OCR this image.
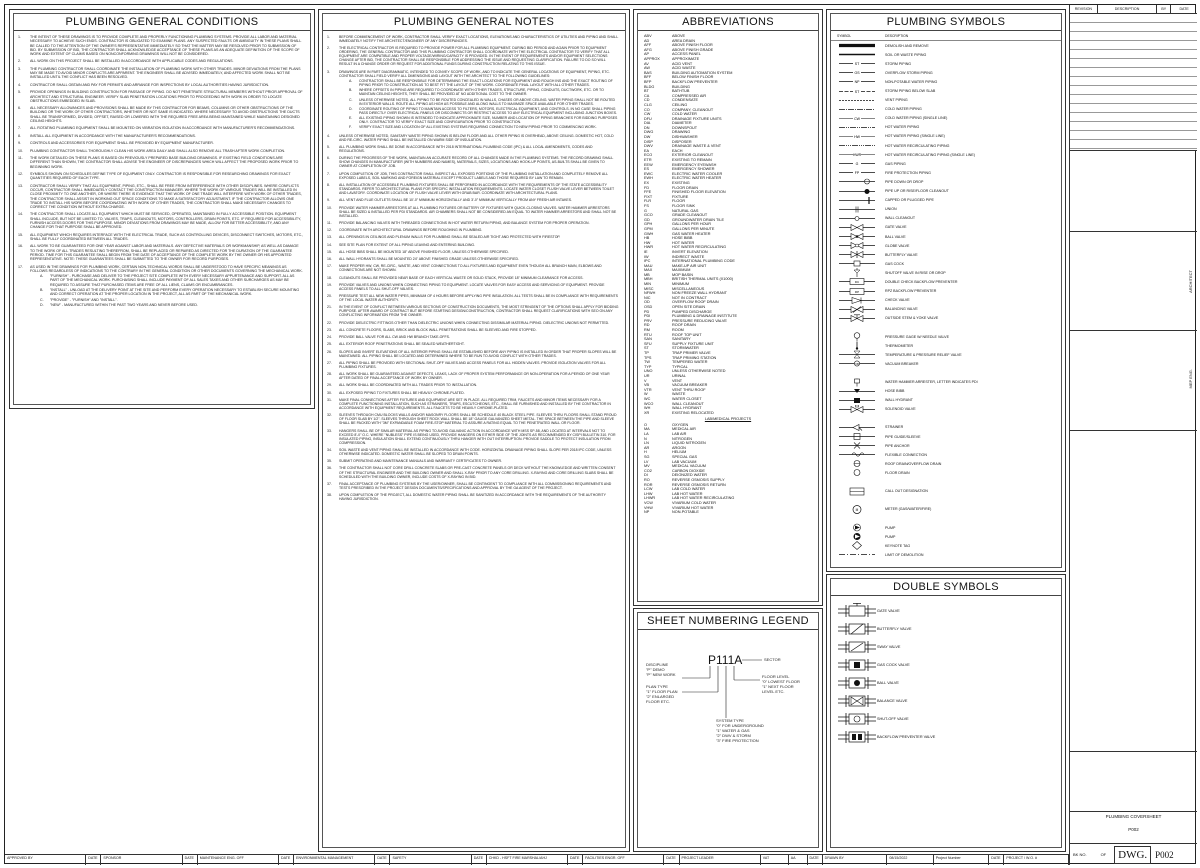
PLUMBING GENERAL CONDITIONS
1.	THE INTENT OF THESE DRAWINGS IS TO PROVIDE COMPLETE AND PROPERLY FUNCTIONING PLUMBING SYSTEMS. PROVIDE ALL LABOR AND MATERIAL NECESSARY TO ACHIEVE SUCH ENDS. CONTRACTOR IS OBLIGATED TO EXAMINE PLANS. ANY SUSPECTED FAULTS OR AMBIGUITY IN THESE PLANS SHALL BE CALLED TO THE ATTENTION OF THE OWNER'S REPRESENTATIVE IMMEDIATELY SO THAT THE MATTER MAY BE RESOLVED PRIOR TO SUBMISSION OF BID. BY SUBMISSION OF BID, THE CONTRACTOR SHALL ACKNOWLEDGE ACCEPTANCE OF THESE PLANS AS AN ADEQUATE DEFINITION OF THE SCOPE OF WORK AND EXTENT OF CLAIMS BASED ON NONCONFORMING DRAWINGS WILL NOT BE CONSIDERED.
2.	ALL WORK ON THIS PROJECT SHALL BE INSTALLED IN ACCORDANCE WITH APPLICABLE CODES AND REGULATIONS.
3.	THE PLUMBING CONTRACTOR SHALL COORDINATE THE INSTALLATION OF PLUMBING WORK WITH OTHER TRADES. MINOR DEVIATIONS FROM THE PLANS MAY BE MADE TO AVOID MINOR CONFLICTS ARE APPARENT. THE ENGINEER SHALL BE ADVISED IMMEDIATELY, AND AFFECTED WORK SHALL NOT BE INSTALLED UNTIL THE CONFLICT HAS BEEN RESOLVED.
4.	CONTRACTOR SHALL OBTAIN AND PAY FOR PERMITS AND ARRANGE FOR INSPECTIONS BY LOCAL AUTHORITIES HAVING JURISDICTION.
5.	PROVIDE OPENINGS IN BUILDING CONSTRUCTION FOR PASSAGE OF PIPING. DO NOT PENETRATE STRUCTURAL MEMBERS WITHOUT PRIOR APPROVAL OF ARCHITECT AND STRUCTURAL ENGINEER. VERIFY SLAB PENETRATION LOCATIONS PRIOR TO PROCEEDING WITH WORK IN ORDER TO LOCATE OBSTRUCTIONS EMBEDDED IN SLAB.
6.	ALL NECESSARY ALLOWANCES AND PROVISIONS SHALL BE MADE BY THIS CONTRACTOR FOR BEAMS, COLUMNS OR OTHER OBSTRUCTIONS OF THE BUILDING OR THE WORK OF OTHER CONTRACTORS, WHETHER OR NOT SAME IS INDICATED. WHERE NECESSARY TO AVOID OBSTRUCTIONS THE DUCTS SHALL BE TRANSFORMED, DIVIDED, OFFSET, RAISED OR LOWERED WITH THE REQUIRED FREE AREA BEING MAINTAINED WHILE MAINTAINING DESIGNED CEILING HEIGHTS.
7.	ALL ROTATING PLUMBING EQUIPMENT SHALL BE MOUNTED ON VIBRATION ISOLATION IN ACCORDANCE WITH MANUFACTURER'S RECOMMENDATIONS.
8.	INSTALL ALL EQUIPMENT IN ACCORDANCE WITH THE MANUFACTURER'S RECOMMENDATIONS.
9.	CONTROLS AND ACCESSORIES FOR EQUIPMENT SHALL BE PROVIDED BY EQUIPMENT MANUFACTURER.
10.	PLUMBING CONTRACTOR SHALL THOROUGHLY CLEAN HIS WORK AREA DAILY AND SHALL ALSO REMOVE ALL TRASH AFTER WORK COMPLETION.
11.	THE WORK DETAILED ON THESE PLANS IS BASED ON PREVIOUSLY PREPARED BASE BUILDING DRAWINGS. IF EXISTING FIELD CONDITIONS ARE DIFFERENT THAN SHOWN, THE CONTRACTOR SHALL ADVISE THE ENGINEER OF DISCREPANCIES WHICH WILL AFFECT THE PROPOSED WORK PRIOR TO BEGINNING WORK.
12.	SYMBOLS SHOWN ON SCHEDULES DEFINE TYPE OF EQUIPMENT ONLY. CONTRACTOR IS RESPONSIBLE FOR RESEARCHING DRAWINGS FOR EXACT QUANTITIES REQUIRED OF EACH TYPE.
13.	CONTRACTOR SHALL VERIFY THAT ALL EQUIPMENT, PIPING, ETC., SHALL BE FREE FROM INTERFERENCE WITH OTHER DISCIPLINES. WHERE CONFLICTS OCCUR, CONTRACTOR SHALL IMMEDIATELY CONTACT THE CONSTRUCTION MANAGER. WHERE THE WORK OF VARIOUS TRADES WILL BE INSTALLED IN CLOSE PROXIMITY TO ONE ANOTHER, OR WHERE THERE IS EVIDENCE THAT THE WORK OF ONE TRADE WILL INTERFERE WITH WORK OF OTHER TRADES, THE CONTRACTOR SHALL ASSIST IN WORKING OUT SPACE CONDITIONS TO MAKE A SATISFACTORY ADJUSTMENT. IF THE CONTRACTOR ALLOWS ONE TRADE TO INSTALL HIS WORK BEFORE COORDINATING WITH WORK OF OTHER TRADES, THE CONTRACTOR SHALL MAKE NECESSARY CHANGES TO CORRECT THE CONDITION WITHOUT EXTRA CHARGE.
14.	THE CONTRACTOR SHALL LOCATE ALL EQUIPMENT WHICH MUST BE SERVICED, OPERATED, MAINTAINED IN FULLY ACCESSIBLE POSITION. EQUIPMENT SHALL INCLUDE, BUT NOT BE LIMITED TO, VALVES, TRAPS, CLEANOUTS, MOTORS, CONTROLLERS, DRAIN POINTS, ETC. IF REQUIRED FOR ACCESSIBILITY, FURNISH ACCESS DOORS FOR THIS PURPOSE. MINOR DEVIATIONS FROM DRAWINGS MAY BE MADE, ALLOW FOR BETTER ACCESSIBILITY, AND ANY CHANGE FOR THAT PURPOSE SHALL BE APPROVED.
15.	ALL EQUIPMENT WHICH REQUIRES INTERFACE WITH THE ELECTRICAL TRADE, SUCH AS CONTROLLING DEVICES, DISCONNECT SWITCHES, MOTORS, ETC., SHALL BE FULLY COORDINATED BETWEEN ALL TRADES.
16.	ALL WORK TO BE GUARANTEED FOR ONE YEAR AGAINST LABOR AND MATERIALS. ANY DEFECTIVE MATERIALS OR WORKMANSHIP, AS WELL AS DAMAGE TO THE WORK OF ALL TRADES RESULTING THEREFROM, SHALL BE REPLACED OR REPAIRED AS DIRECTED FOR THE DURATION OF THE GUARANTEE PERIOD. TIME FOR THIS GUARANTEE SHALL BEGIN FROM THE DATE OF ACCEPTANCE OF THE COMPLETE WORK BY THE OWNER OR HIS APPOINTED REPRESENTATIVE. NOTE: THESE GUARANTEES SHALL BE SUBMITTED TO THE OWNER FOR RECORD PURPOSES.
17.	AS USED IN THE DRAWINGS FOR PLUMBING WORK, CERTAIN NON-TECHNICAL WORDS SHALL BE UNDERSTOOD TO HAVE SPECIFIC MEANINGS AS FOLLOWS REGARDLESS OF INDICATIONS TO THE CONTRARY IN THE GENERAL CONDITION OR OTHER DOCUMENTS GOVERNING THE MECHANICAL WORK.
A.	"FURNISH" - PURCHASE AND DELIVER TO THE PROJECT SITE COMPLETE WITH EVERY NECESSARY APPURTENANCE AND SUPPORT. ALL AS PART OF THE MECHANICAL WORK. PURCHASING SHALL INCLUDE PAYMENT OF ALL SALES TAXES AND OTHER SURCHARGES AS MAY BE REQUIRED TO ASSURE THAT PURCHASED ITEMS ARE FREE OF ALL LIENS, CLAIMS OR ENCUMBRANCES.
B.	"INSTALL" - UNLOAD AT THE DELIVERY POINT AT THE SITE AND PERFORM EVERY OPERATION NECESSARY TO ESTABLISH SECURE MOUNTING AND CORRECT OPERATION AT THE PROPER LOCATION IN THE PROJECT, ALL AS PART OF THE MECHANICAL WORK.
C.	"PROVIDE" - "FURNISH" AND "INSTALL".
D.	"NEW" - MANUFACTURED WITHIN THE PAST TWO YEARS AND NEVER BEFORE USED.
PLUMBING GENERAL NOTES
1.	BEFORE COMMENCEMENT OF WORK, CONTRACTOR SHALL VERIFY EXACT LOCATIONS, ELEVATIONS AND CHARACTERISTICS OF UTILITIES AND PIPING AND SHALL IMMEDIATELY NOTIFY THE ARCHITECT/ENGINEER OF ANY DISCREPANCIES.
2.	THE ELECTRICAL CONTRACTOR IS REQUIRED TO PROVIDE POWER FOR ALL PLUMBING EQUIPMENT. DURING BID PERIOD AND AGAIN PRIOR TO EQUIPMENT ORDERING, THE GENERAL CONTRACTOR AND THIS PLUMBING CONTRACTOR SHALL COORDINATE WITH THE ELECTRICAL CONTRACTOR TO VERIFY THAT ALL EQUIPMENT ARE COMPATIBLE AND PROPER VOLTAGE/WIRING/CAPACITY IS PROVIDED. IN THE EVENT OF REQUIREMENTS AND/OR EQUIPMENT SELECTIONS CHANGE AFTER BID, THE CONTRACTOR SHALL BE RESPONSIBLE FOR ADDRESSING THE ISSUE AND REQUESTING CLARIFICATION. FAILURE TO DO SO WILL RESULT IN A CHANGE ORDER OR REQUEST FOR ADDITIONAL FUNDS DURING CONSTRUCTION RELATING TO THIS ISSUE.
3.	DRAWINGS ARE IN PART DIAGRAMMATIC, INTENDED TO CONVEY SCOPE OF WORK, AND TO INDICATE THE GENERAL LOCATIONS OF EQUIPMENT, PIPING, ETC. CONTRACTOR SHALL FIELD VERIFY ALL DIMENSIONS AND LAYOUT WITH THE ARCHITECT TO THE FOLLOWING GUIDELINES:
A.	CONTRACTOR SHALL BE RESPONSIBLE FOR DETERMINING THE EXACT LOCATIONS FOR EQUIPMENT AND ROUGH INS AND THE EXACT ROUTING OF PIPING PRIOR TO CONSTRUCTION AS TO BEST FIT THE LAYOUT OF THE WORK. COORDINATE FINAL LAYOUT WITH ALL OTHER TRADES.
B.	WHERE OFFSETS IN PIPING ARE REQUIRED TO COORDINATE WITH OTHER TRADES, STRUCTURE, PIPING, CONDUITS, DUCTWORK, ETC. OR TO MAINTAIN CEILING HEIGHTS, THEY SHALL BE PROVIDED AT NO ADDITIONAL COST TO THE OWNER.
C.	UNLESS OTHERWISE NOTED, ALL PIPING TO BE ROUTED CONCEALED IN WALLS, CHASES OR ABOVE CEILING. WATER PIPING SHALL NOT BE ROUTED IN EXTERIOR WALLS. ROUTE ALL PIPING AS HIGH AS POSSIBLE AND ALONG WALLS TO MAXIMIZE SPACE AVAILABLE FOR OTHER TRADES.
D.	COORDINATE ROUTING OF PIPING TO MAINTAIN ACCESS TO FILTERS, MOTORS, ELECTRICAL EQUIPMENT, AND CONTROLS. IN NO CASE SHALL PIPING PASS DIRECTLY OVER ELECTRICAL PANELS OR DISCONNECTS OR RESTRICT ACCESS TO ANY ELECTRICAL EQUIPMENT INCLUDING JUNCTION BOXES.
E.	ALL EXISTING PIPING SHOWN IS INTENDED TO INDICATE APPROXIMATE SIZE, NUMBER AND LOCATION OF PIPING BRANCHES FOR BIDDING PURPOSES ONLY. CONTRACTOR TO VERIFY EXACT SIZE AND CONFIGURATION PRIOR TO CONSTRUCTION.
F.	VERIFY EXACT SIZE AND LOCATION OF ALL EXISTING SYSTEMS REQUIRING CONNECTION TO NEW PIPING PRIOR TO COMMENCING WORK.
4.	UNLESS OTHERWISE NOTED, SANITARY WASTE PIPING SHOWN IS BELOW FLOOR AND ALL OTHER PIPING IS OVERHEAD, ABOVE CEILING. DOMESTIC HOT, COLD AND RE-CIRC. WATER PIPING SHALL BE INSTALLED ON WARM SIDE OF INSULATION.
5.	ALL PLUMBING WORK SHALL BE DONE IN ACCORDANCE WITH 2018 INTERNATIONAL PLUMBING CODE (IPC) & ALL LOCAL AMENDMENTS, CODES AND REGULATIONS.
6.	DURING THE PROGRESS OF THE WORK, MAINTAIN AN ACCURATE RECORD OF ALL CHANGES MADE IN THE PLUMBING SYSTEMS. THE RECORD DRAWING SHALL SHOW CHANGES IN MANUFACTURER (WITH NUMBERS AND NAMES), MATERIALS, SIZES, LOCATIONS AND HOOK-UP POINTS, AS-BUILTS SHALL BE GIVEN TO OWNER AT COMPLETION OF JOB.
7.	UPON COMPLETION OF JOB, THIS CONTRACTOR SHALL INSPECT ALL EXPOSED PORTIONS OF THE PLUMBING INSTALLATION AND COMPLETELY REMOVE ALL EXPOSED LABELS, SOIL MARKING AND FOREIGN MATERIAL EXCEPT PRODUCT LABELS AND THOSE REQUIRED BY LAW TO REMAIN.
8.	ALL INSTALLATION OF ACCESSIBLE PLUMBING FIXTURES SHALL BE PERFORMED IN ACCORDANCE WITH THE REQUIREMENTS OF THE STATE ACCESSIBILITY STANDARDS. REFER TO ARCHITECTURAL PLANS FOR SPECIFIC INSTALLATION REQUIREMENTS. LOCATE WATER CLOSET FLUSH VALVE LEVER BETWEEN TOILET AND LAVATORY. COORDINATE LOCATION OF FLUSH VALVE LEVER WITH GRAB BAR. COORDINATE WITH ARCHITECTURAL PLANS.
9.	ALL VENT AND FLUE OUTLETS SHALL BE 10'-0" MINIMUM HORIZONTALLY AND 3'-0" MINIMUM VERTICALLY FROM ANY FRESH AIR INTAKES.
10.	PROVIDE WATER HAMMER ARRESTORS AT ALL PLUMBING FIXTURES OR BATTERY OF FIXTURES WITH QUICK-CLOSING VALVES. WATER HAMMER ARRESTORS SHALL BE SIZED & INSTALLED PER PDI STANDARDS. AIR CHAMBERS SHALL NOT BE CONSIDERED AN EQUAL TO WATER HAMMER ARRESTORS AND SHALL NOT BE INSTALLED.
11.	PROVIDE BALANCING VALVES WITH THREADED CONNECTIONS IN HOT WATER RETURN PIPING, AND BALANCE SYSTEM FOR PROPER OPERATION.
12.	COORDINATE WITH ARCHITECTURAL DRAWINGS BEFORE ROUGHING IN PLUMBING.
13.	ALL OPENINGS IN CEILINGS AND PLENUM WALLS FOR PLUMBING SHALL BE SEALED AIR TIGHT AND PROTECTED WITH FIRESTOP.
14.	SEE SITE PLAN FOR EXTENT OF ALL PIPING LEAVING AND ENTERING BUILDING.
15.	ALL HOSE BIBS SHALL BE MOUNTED 18" ABOVE FINISHED FLOOR, UNLESS OTHERWISE SPECIFIED.
16.	ALL WALL HYDRANTS SHALL BE MOUNTED 24" ABOVE FINISHED GRADE UNLESS OTHERWISE SPECIFIED.
17.	MAKE PROPER HW, CW, RE-CIRC., WASTE, AND VENT CONNECTIONS TO ALL FIXTURES AND EQUIPMENT EVEN THOUGH ALL BRANCH MAIN, ELBOWS AND CONNECTIONS ARE NOT SHOWN.
18.	CLEANOUTS SHALL BE PROVIDED NEAR BASE OF EACH VERTICAL WASTE OR SOLID STACK, PROVIDE 18" MINIMUM CLEARANCE FOR ACCESS.
19.	PROVIDE VALVES AND UNIONS WHEN CONNECTING PIPING TO EQUIPMENT. LOCATE VALVES FOR EASY ACCESS AND SERVICING OF EQUIPMENT. PROVIDE ACCESS PANELS TO ALL SHUT-OFF VALVES.
20.	PRESSURE TEST ALL NEW WATER PIPES, MINIMUM OF 4 HOURS BEFORE APPLYING PIPE INSULATION. ALL TESTS SHALL BE IN COMPLIANCE WITH REQUIREMENTS OF THE LOCAL WATER AUTHORITY.
21.	IN THE EVENT OF CONFLICT BETWEEN VARIOUS SECTIONS OF CONSTRUCTION DOCUMENTS, THE MOST STRINGENT OF THE OPTIONS SHALL APPLY FOR BIDDING PURPOSE. AFTER AWARD OF CONTRACT BUT BEFORE STARTING DESIGN/CONSTRUCTION, CONTRACTOR SHALL REQUEST CLARIFICATIONS WITH SEO ON ANY CONFLICTING INFORMATION FROM THE OWNER.
22.	PROVIDE DIELECTRIC FITTINGS OTHER THAN DIELECTRIC UNIONS WHEN CONNECTING DISSIMILAR MATERIAL PIPING. DIELECTRIC UNIONS NOT PERMITTED.
23.	ALL CONCRETE FLOORS, SLABS, BRICK AND BLOCK WALL PENETRATIONS SHALL BE SLEEVED AND FIRE STOPPED.
24.	PROVIDE BALL VALVE FOR ALL CW AND HW BRANCH TAKE-OFFS.
25.	ALL EXTERIOR ROOF PENETRATIONS SHALL BE SEALED WEATHERTIGHT.
26.	SLOPES AND INVERT ELEVATIONS OF ALL INTERIOR PIPING SHALL BE ESTABLISHED BEFORE ANY PIPING IS INSTALLED IN ORDER THAT PROPER SLOPES WILL BE MAINTAINED. ALL PIPING SHALL BE LOCATED AND DETERMINED WHERE TO BE RUN TO AVOID CONFLICT WITH OTHER TRADES.
27.	ALL PIPING SHALL BE PROVIDED WITH SECTIONAL SHUT-OFF VALVES AND ACCESS PANELS FOR ALL HIDDEN VALVES. PROVIDE ISOLATION VALVES FOR ALL PLUMBING FIXTURES.
28.	ALL WORK SHALL BE GUARANTEED AGAINST DEFECTS, LEAKS, LACK OF PROPER SYSTEM PERFORMANCE OR NON-OPERATION FOR A PERIOD OF ONE YEAR AFTER DATED OF FINAL ACCEPTANCE OF WORK BY OWNER.
29.	ALL WORK SHALL BE COORDINATED WITH ALL TRADES PRIOR TO INSTALLATION.
30.	ALL EXPOSED PIPING TO FIXTURES SHALL BE HEAVILY CHROME-PLATED.
31.	MAKE FINAL CONNECTIONS AFTER FIXTURES AND EQUIPMENT ARE SET IN PLACE. ALL REQUIRED TRIM, FAUCETS AND MINOR ITEMS NECESSARY FOR A COMPLETE FUNCTIONING INSTALLATION, SUCH AS STRAINERS, TRAPS, ESCUTCHEONS, ETC., SHALL BE FURNISHED AND INSTALLED BY THE CONTRACTOR IN ACCORDANCE WITH EQUIPMENT REQUIREMENTS. ALL FAUCETS TO BE HEAVILY CHROME-PLATED.
32.	SLEEVES THROUGH CMU BLOCKS WALLS AND/OR MASONRY FLOORS SHALL BE SCHEDULE 40 BLACK STEEL PIPE. SLEEVES THRU FLOORS SHALL STAND PROUD OF FLOOR SLAB BY 1/2". SLEEVES THROUGH SHEET ROCK WALL SHALL BE 18" GAUGE GALVANIZED SHEET METAL. THE SPACE BETWEEN THE PIPE AND SLEEVE SHALL BE PACKED WITH "3M" EXPANDABLE FOAM FIRE-STOP MATERIAL TO ASSURE A RATING EQUAL TO THE PENETRATED WALL OR FLOOR.
33.	HANGERS SHALL BE OF SIMILAR MATERIAL AS PIPING TO AVOID GALVANIC ACTION IN ACCORDANCE WITH MSS SP-58, AND LOCATED AT INTERVALS NOT TO EXCEED 8'-0" O.C. WHERE "NUBLESS" PIPE IS BEING USED, PROVIDE HANGERS ON EITHER SIDE OF THE JOINTS AS RECOMMENDED BY CISPI BULLETIN 310. FOR INSULATED PIPING, INSULATION SHALL EXTEND CONTINUOUSLY THRU HANGER WITH OUT INTERRUPTION. PROVIDE SADDLE TO PROTECT INSULATION FROM COMPRESSION.
34.	SOIL WASTE AND VENT PIPING SHALL BE INSTALLED IN ACCORDANCE WITH CODE. HORIZONTAL DRAINAGE PIPING SHALL SLOPE PER 2018 IPC CODE, UNLESS OTHERWISE INDICATED. DOMESTIC WATER SHALL BE SLOPED TO DRAIN POINTS.
35.	SUBMIT OPERATING AND MAINTENANCE MANUALS AND WARRANTY CERTIFICATES TO OWNER.
36.	THE CONTRACTOR SHALL NOT CORE DRILL CONCRETE SLABS OR PRE-CAST CONCRETE PANELS OR DECK WITHOUT THE KNOWLEDGE AND WRITTEN CONSENT OF THE STRUCTURAL ENGINEER AND THE BUILDING OWNER AND SHALL X-RAY PRIOR TO ANY CORE DRILLING. X-RAYING AND CORE DRILLING SLABS SHALL BE SCHEDULED WITH THE BUILDING OWNER, INCLUDE COSTS OF X-RAYING IN BID.
37.	FINAL ACCEPTANCE OF PLUMBING SYSTEMS BY THE USER/OWNER, SHALL BE CONTINGENT TO COMPLIANCE WITH ALL COMMISSIONING REQUIREMENTS AND TESTS PRESCRIBED IN THE PROJECT DESIGN DOCUMENTS/SPECIFICATIONS AND APPROVAL BY THE GA AGENT OF THE PROJECT.
38.	UPON COMPLETION OF THE PROJECT, ALL DOMESTIC WATER PIPING SHALL BE SANITIZED IN ACCORDANCE WITH THE REQUIREMENTS OF THE AUTHORITY HAVING JURISDICTION.
ABBREVIATIONS
ABV	ABOVE
AD	AREA DRAIN
AFF	ABOVE FINISH FLOOR
AFG	ABOVE FINISH GRADE
AP	ACCESS PANEL
APPROX	APPROXIMATE
AV	ACID VENT
AW	ACID WASTE
BAS	BUILDING AUTOMATION SYSTEM
BFF	BELOW FINISH FLOOR
BFP	BACKFLOW PREVENTER
BLDG	BUILDING
BT	BATHTUB
CA	COMPRESSED AIR
CD	CONDENSATE
CLG	CEILING
CO	COMPANY, CLEANOUT
CW	COLD WATER
DFU	DRAINAGE FIXTURE UNITS
DIA	DIAMETER
DN	DOWNSPOUT
DWG	DRAWING
DW	DISHWASHER
DISP	DISPOSER
DWV	DRAINAGE WASTE & VENT
EA	EACH
ECO	EXTERIOR CLEANOUT
ETR	EXISTING TO REMAIN
EEW	EMERGENCY EYEWASH
ES	EMERGENCY SHOWER
EWC	ELECTRIC WATER COOLER
EWH	ELECTRIC WATER HEATER
EX	EXISTING
FD	FLOOR DRAIN
FFE	FINISHED FLOOR ELEVATION
FIXT	FIXTURE
FLR	FLOOR
FS	FLOOR SINK
G	NATURAL GAS
GCO	GRADE CLEANOUT
GD	GROUNDWATER DRAIN TILE
GPH	GALLONS PER HOUR
GPM	GALLONS PER MINUTE
GWH	GAS WATER HEATER
HB	HOSE BIBB
HW	HOT WATER
HWR	HOT WATER RECIRCULATING
IE	INVERT ELEVATION
IW	INDIRECT WASTE
IPC	INTERNATIONAL PLUMBING CODE
MAU	MAKE-UP AIR UNIT
MAX	MAXIMUM
MB	MOP BASIN
MBH	BRITISH THERMAL UNITS (X1000)
MIN	MINIMUM
MISC	MISCELLANEOUS
NFWH	NON FREEZE WALL HYDRANT
NIC	NOT IN CONTRACT
OD	OVERFLOW ROOF DRAIN
OSD	OPEN SITE DRAIN
PD	PUMPED DISCHARGE
PDI	PLUMBING & DRAINAGE INSTITUTE
PRV	PRESSURE REDUCING VALVE
RD	ROOF DRAIN
RM	ROOM
RTU	ROOF TOP UNIT
SAN	SANITARY
SFU	SUPPLY FIXTURE UNIT
ST	STORMWATER
TP	TRAP PRIMER VALVE
TPS	TRAP PRIMING STATION
TW	TEMPERED WATER
TYP	TYPICAL
UNO	UNLESS OTHERWISE NOTED
UR	URINAL
V	VENT
VB	VACUUM BREAKER
VTR	VENT THRU ROOF
W	WASTE
WC	WATER CLOSET
WCO	WALL CLEANOUT
WH	WALL HYDRANT
XR	EXISTING RELOCATED
LAB/MEDICAL PROJECTS
O	OXYGEN
MA	MEDICAL AIR
LA	LAB AIR
N	NITROGEN
LN	LIQUID NITROGEN
AR	ARGON
H	HELIUM
SG	SPECIAL GAS
LV	LAB VACUUM
MV	MEDICAL VACUUM
CO2	CARBON DIOXIDE
DI	DEIONIZED WATER
RO	REVERSE OSMOSIS SUPPLY
ROR	REVERSE OSMOSIS RETURN
LCW	LAB COLD WATER
LHW	LAB HOT WATER
LHWR	LAB HOT WATER RECIRCULATING
VCW	VIVARIUM COLD WATER
VHW	VIVARIUM HOT WATER
NP	NON-POTABLE
SHEET NUMBERING LEGEND
P111A
DISCIPLINE
"P" DEMO
"P" NEW WORK
PLAN TYPE
"1" FLOOR PLAN
"2" ENLARGED
FLOOR ETC.
SYSTEM TYPE
"0" FOR UNDERGROUND
"1" WATER & GAS
"2" DWV & STORM
"3" FIRE PROTECTION
FLOOR LEVEL
"0" LOWEST FLOOR
"1" NEXT FLOOR
LEVEL ETC.
SECTOR
PLUMBING SYMBOLS
SYMBOL	DESCRIPTION
DEMOLISH AND REMOVE
SOIL OR WASTE PIPING
ST	STORM PIPING
OS	OVERFLOW STORM PIPING
NP	NON-POTABLE WATER PIPING
ST	STORM PIPING BELOW SLAB
VENT PIPING
COLD WATER PIPING
CW	COLD WATER PIPING (SINGLE LINE)
HOT WATER PIPING
HW	HOT WATER PIPING (SINGLE LINE)
HOT WATER RECIRCULATING PIPING
HWR	HOT WATER RECIRCULATING PIPING (SINGLE LINE)
G	GAS PIPING
FP	FIRE PROTECTION PIPING
PIPE DOWN OR DROP
PIPE UP OR RISE/FLOOR CLEANOUT
CAPPED OR PLUGGED PIPE
UNION
WALL CLEANOUT
GATE VALVE
BALL VALVE
GLOBE VALVE
BUTTERFLY VALVE
GAS COCK
SHUTOFF VALVE IN RISE OR DROP
DC	DOUBLE CHECK BACKFLOW PREVENTER
RP	RPZ BACKFLOW PREVENTER
CHECK VALVE
BALANCING VALVE
OUTSIDE STEM & YOKE VALVE
PRESSURE GAGE W/ NEEDLE VALVE
THERMOMETER
TEMPERATURE & PRESSURE RELIEF VALVE
VB	VACUUM BREAKER
WATER HAMMER ARRESTER, LETTER INDICATES PDI
HOSE BIBB
WALL HYDRANT
SOLENOID VALVE
STRAINER
PIPE GUIDE/SLEEVE
PIPE ANCHOR
FLEXIBLE CONNECTION
ROOF DRAIN/OVERFLOW DRAIN
FLOOR DRAIN
CALL OUT DESIGNATION
M	METER (GAS/WATER/FIRE)
PUMP
PUMP
KEYNOTE TAG
LIMIT OF DEMOLITION
DOUBLE SYMBOLS
GATE VALVE
BUTTERFLY VALVE
SWAY VALVE
GAS COCK VALVE
BALL VALVE
BALANCE VALVE
SHUT-OFF VALVE
BACKFLOW PREVENTER VALVE
REVISION	DESCRIPTION	BY	DATE
ARCHITECT
MEP ENG.
PLUMBING COVERSHEET
P002
BK NO.	OF	DWG. P002
APPROVED BY	DATE	SPONSOR	DATE	MAINTENANCE ENG. OFF	DATE	ENVIRONMENTAL MANAGEMENT	DATE	SAFETY	DATE	CHKD - HSFT FIRE MARSHAL/AHJ	DATE	FACILITIES ENGR. OFF	DATE	PROJECT LEADER	VAT	AA	DATE	DRAWN BY	08/15/2022	Project Number	DATE	PROJECT / W.O. #
